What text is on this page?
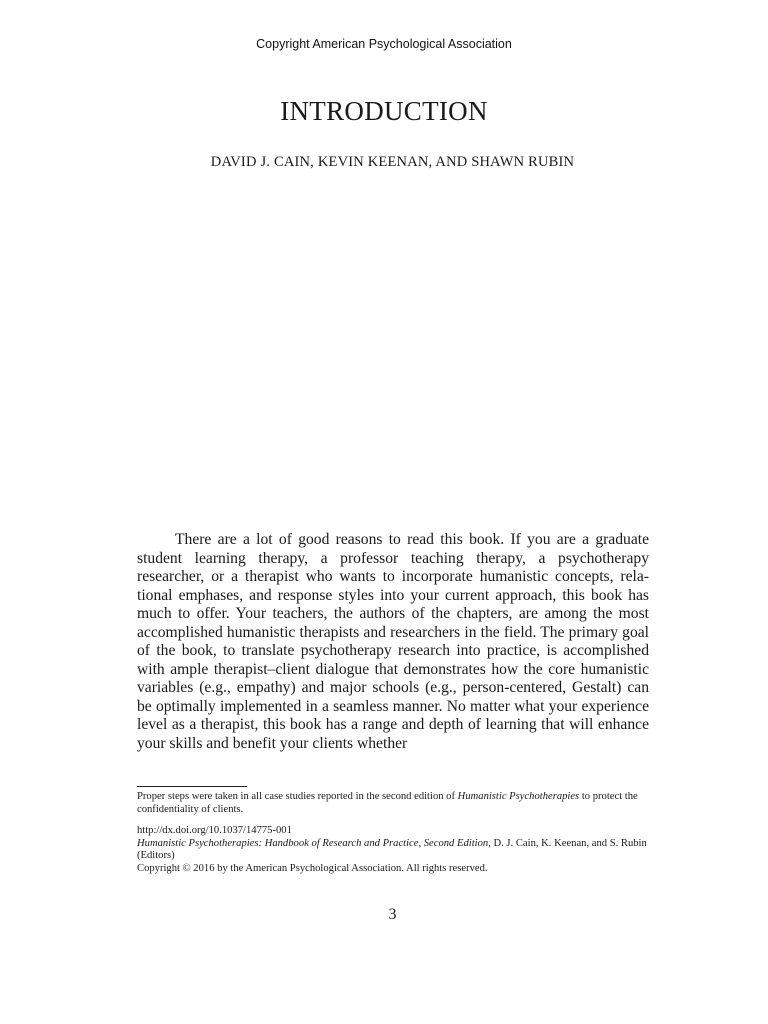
Copyright American Psychological Association
INTRODUCTION
DAVID J. CAIN, KEVIN KEENAN, AND SHAWN RUBIN

There are a lot of good reasons to read this book. If you are a graduate student learning therapy, a professor teaching therapy, a psychotherapy researcher, or a therapist who wants to incorporate humanistic concepts, relational emphases, and response styles into your current approach, this book has much to offer. Your teachers, the authors of the chapters, are among the most accomplished humanistic therapists and researchers in the field. The primary goal of the book, to translate psychotherapy research into practice, is accomplished with ample therapist–client dialogue that demonstrates how the core humanistic variables (e.g., empathy) and major schools (e.g., person-centered, Gestalt) can be optimally implemented in a seamless manner. No matter what your experience level as a therapist, this book has a range and depth of learning that will enhance your skills and benefit your clients whether

Proper steps were taken in all case studies reported in the second edition of Humanistic Psychotherapies to protect the confidentiality of clients.

http://dx.doi.org/10.1037/14775-001
Humanistic Psychotherapies: Handbook of Research and Practice, Second Edition, D. J. Cain, K. Keenan, and S. Rubin (Editors)
Copyright © 2016 by the American Psychological Association. All rights reserved.
3
